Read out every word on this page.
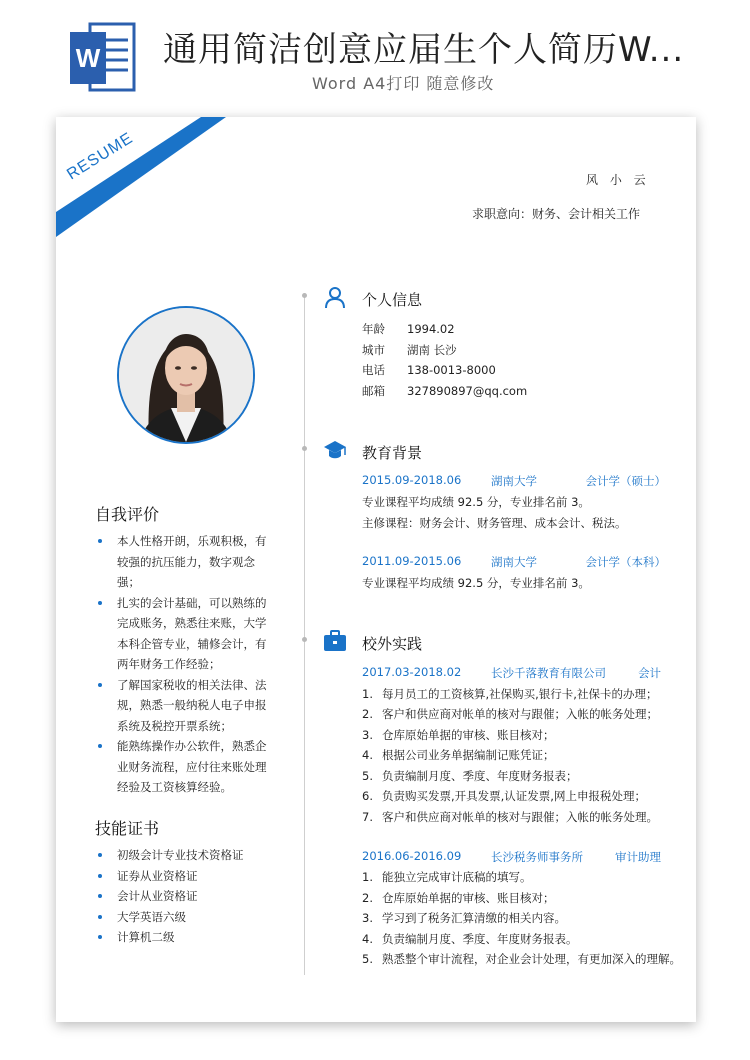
W 通用简洁创意应届生个人简历W...
Word A4打印 随意修改
RESUME	风 小 云
求职意向：财务、会计相关工作
自我评价
本人性格开朗，乐观积极，有较强的抗压能力，数字观念强；
扎实的会计基础，可以熟练的完成账务，熟悉往来账，大学本科企管专业，辅修会计，有两年财务工作经验；
了解国家税收的相关法律、法规，熟悉一般纳税人电子申报系统及税控开票系统；
能熟练操作办公软件，熟悉企业财务流程，应付往来账处理经验及工资核算经验。
技能证书
初级会计专业技术资格证
证券从业资格证
会计从业资格证
大学英语六级
计算机二级
个人信息
年龄 1994.02
城市 湖南 长沙
电话 138-0013-8000
邮箱 327890897@qq.com
教育背景
2015.09-2018.06	湖南大学	会计学（硕士）
专业课程平均成绩 92.5 分，专业排名前 3。
主修课程：财务会计、财务管理、成本会计、税法。
2011.09-2015.06	湖南大学	会计学（本科）
专业课程平均成绩 92.5 分，专业排名前 3。
校外实践
2017.03-2018.02	长沙千落教育有限公司	会计
1. 每月员工的工资核算,社保购买,银行卡,社保卡的办理；
2. 客户和供应商对帐单的核对与跟催；入帐的帐务处理；
3. 仓库原始单据的审核、账目核对；
4. 根据公司业务单据编制记账凭证；
5. 负责编制月度、季度、年度财务报表；
6. 负责购买发票,开具发票,认证发票,网上申报税处理；
7. 客户和供应商对帐单的核对与跟催；入帐的帐务处理。
2016.06-2016.09	长沙税务师事务所	审计助理
1. 能独立完成审计底稿的填写。
2. 仓库原始单据的审核、账目核对；
3. 学习到了税务汇算清缴的相关内容。
4. 负责编制月度、季度、年度财务报表。
5. 熟悉整个审计流程，对企业会计处理，有更加深入的理解。
